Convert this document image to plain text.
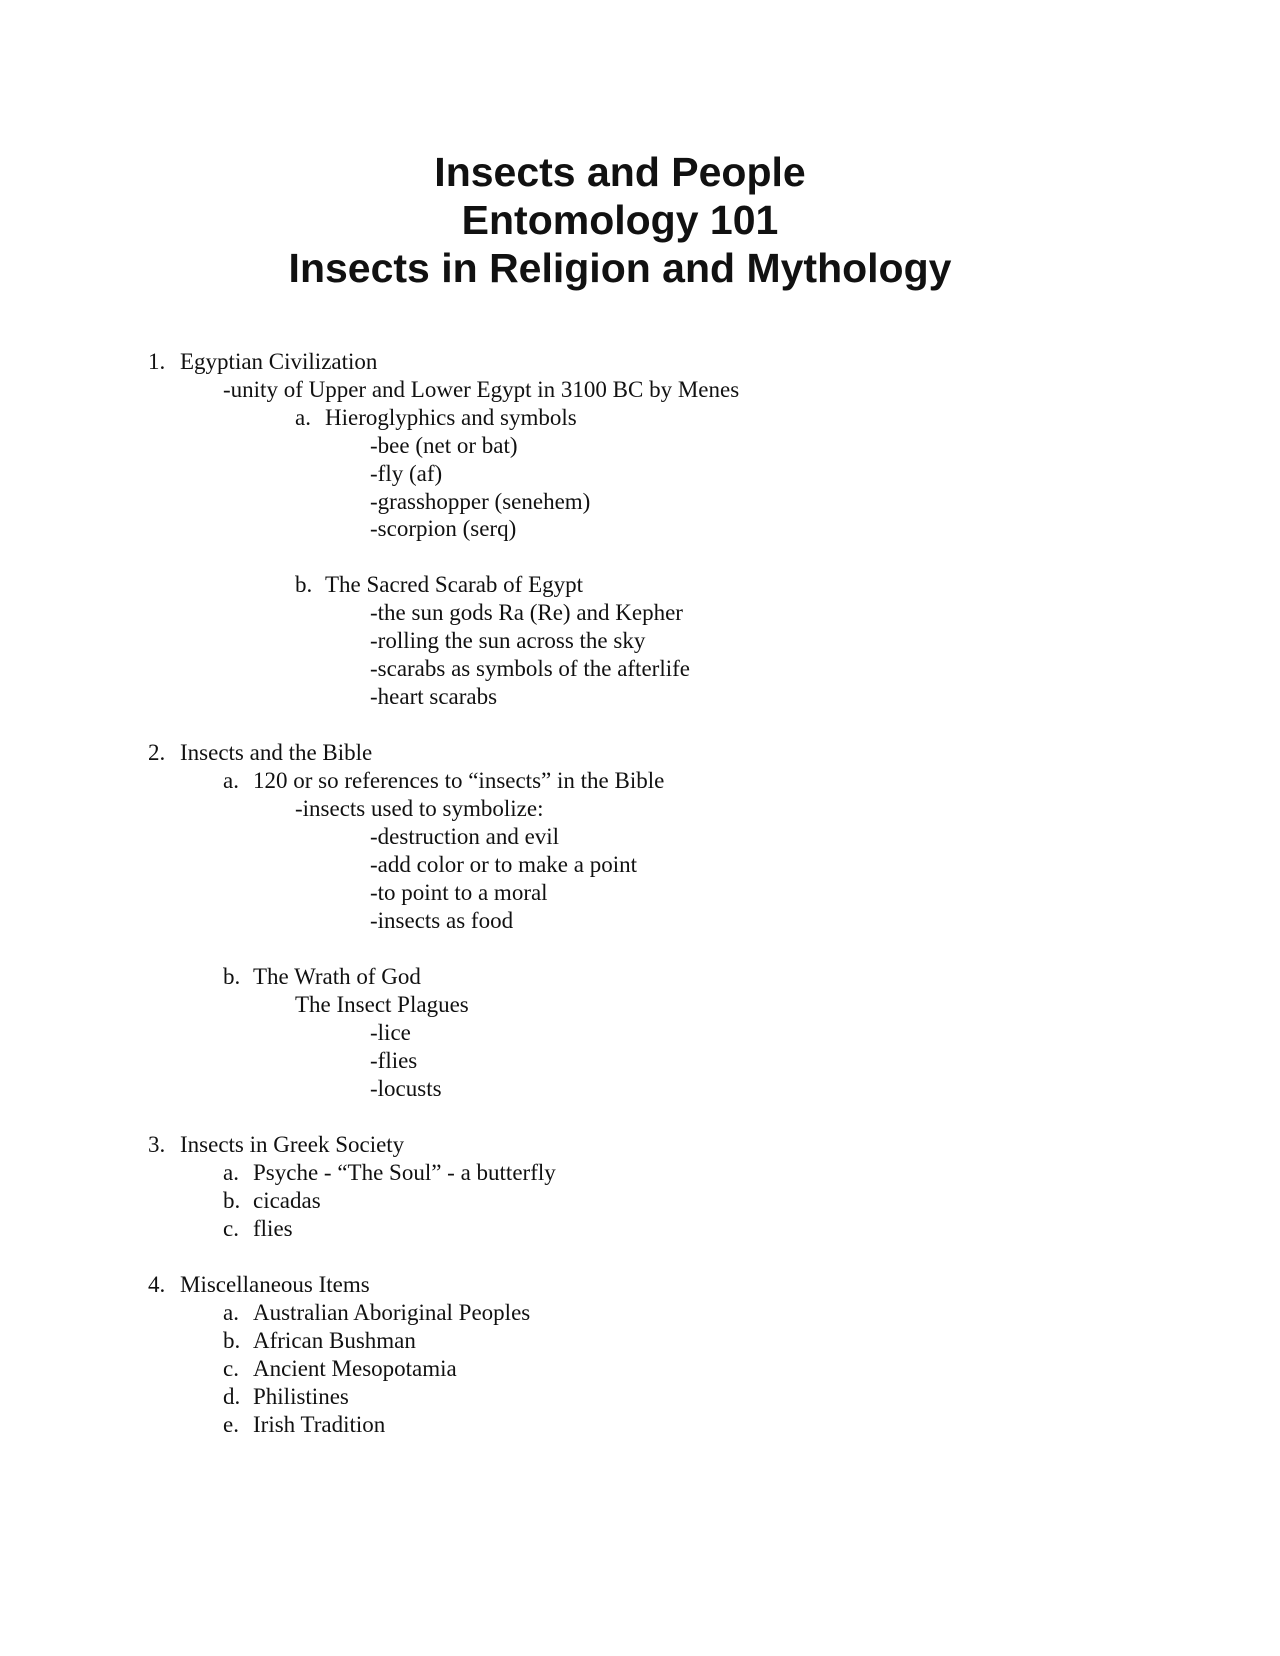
Insects and People
Entomology 101
Insects in Religion and Mythology
1. Egyptian Civilization
-unity of Upper and Lower Egypt in 3100 BC by Menes
a. Hieroglyphics and symbols
-bee (net or bat)
-fly (af)
-grasshopper (senehem)
-scorpion (serq)
b. The Sacred Scarab of Egypt
-the sun gods Ra (Re) and Kepher
-rolling the sun across the sky
-scarabs as symbols of the afterlife
-heart scarabs
2. Insects and the Bible
a. 120 or so references to “insects” in the Bible
-insects used to symbolize:
-destruction and evil
-add color or to make a point
-to point to a moral
-insects as food
b. The Wrath of God
The Insect Plagues
-lice
-flies
-locusts
3. Insects in Greek Society
a. Psyche - “The Soul” - a butterfly
b. cicadas
c. flies
4. Miscellaneous Items
a. Australian Aboriginal Peoples
b. African Bushman
c. Ancient Mesopotamia
d. Philistines
e. Irish Tradition
